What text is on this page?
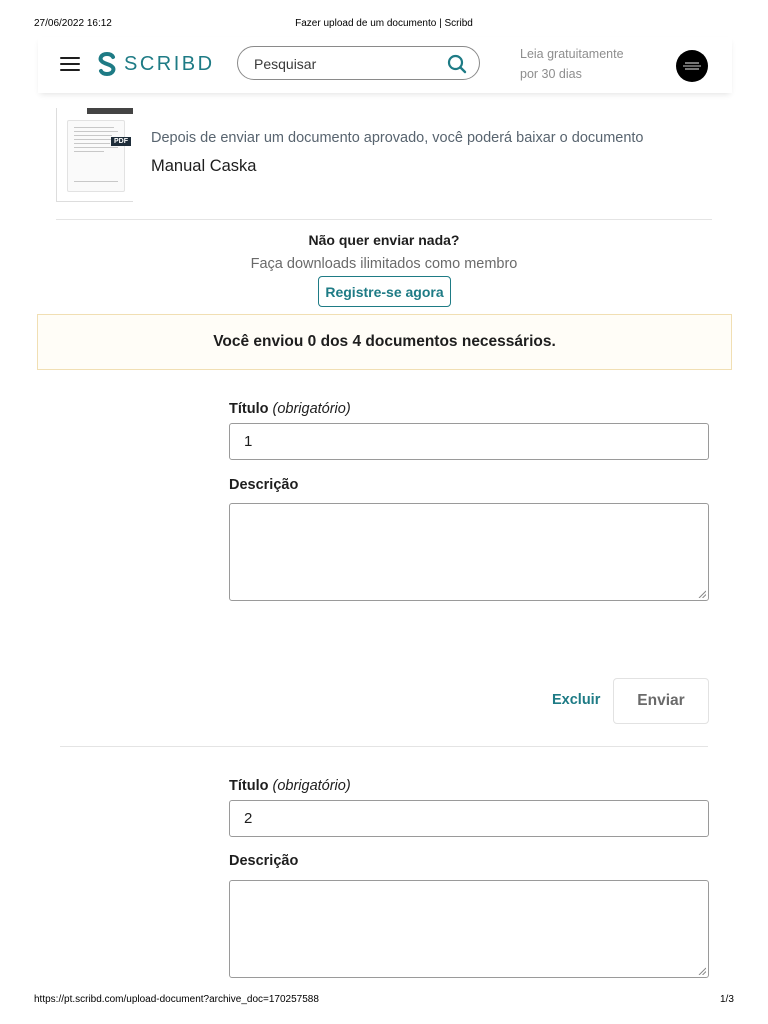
27/06/2022 16:12	Fazer upload de um documento | Scribd
SCRIBD	Pesquisar
Leia gratuitamente
por 30 dias
PDF Depois de enviar um documento aprovado, você poderá baixar o documento
Manual Caska
Não quer enviar nada?
Faça downloads ilimitados como membro
Registre-se agora
Você enviou 0 dos 4 documentos necessários.
Título (obrigatório)
1
Descrição
Excluir	Enviar
Título (obrigatório)
2
Descrição
https://pt.scribd.com/upload-document?archive_doc=170257588	1/3
